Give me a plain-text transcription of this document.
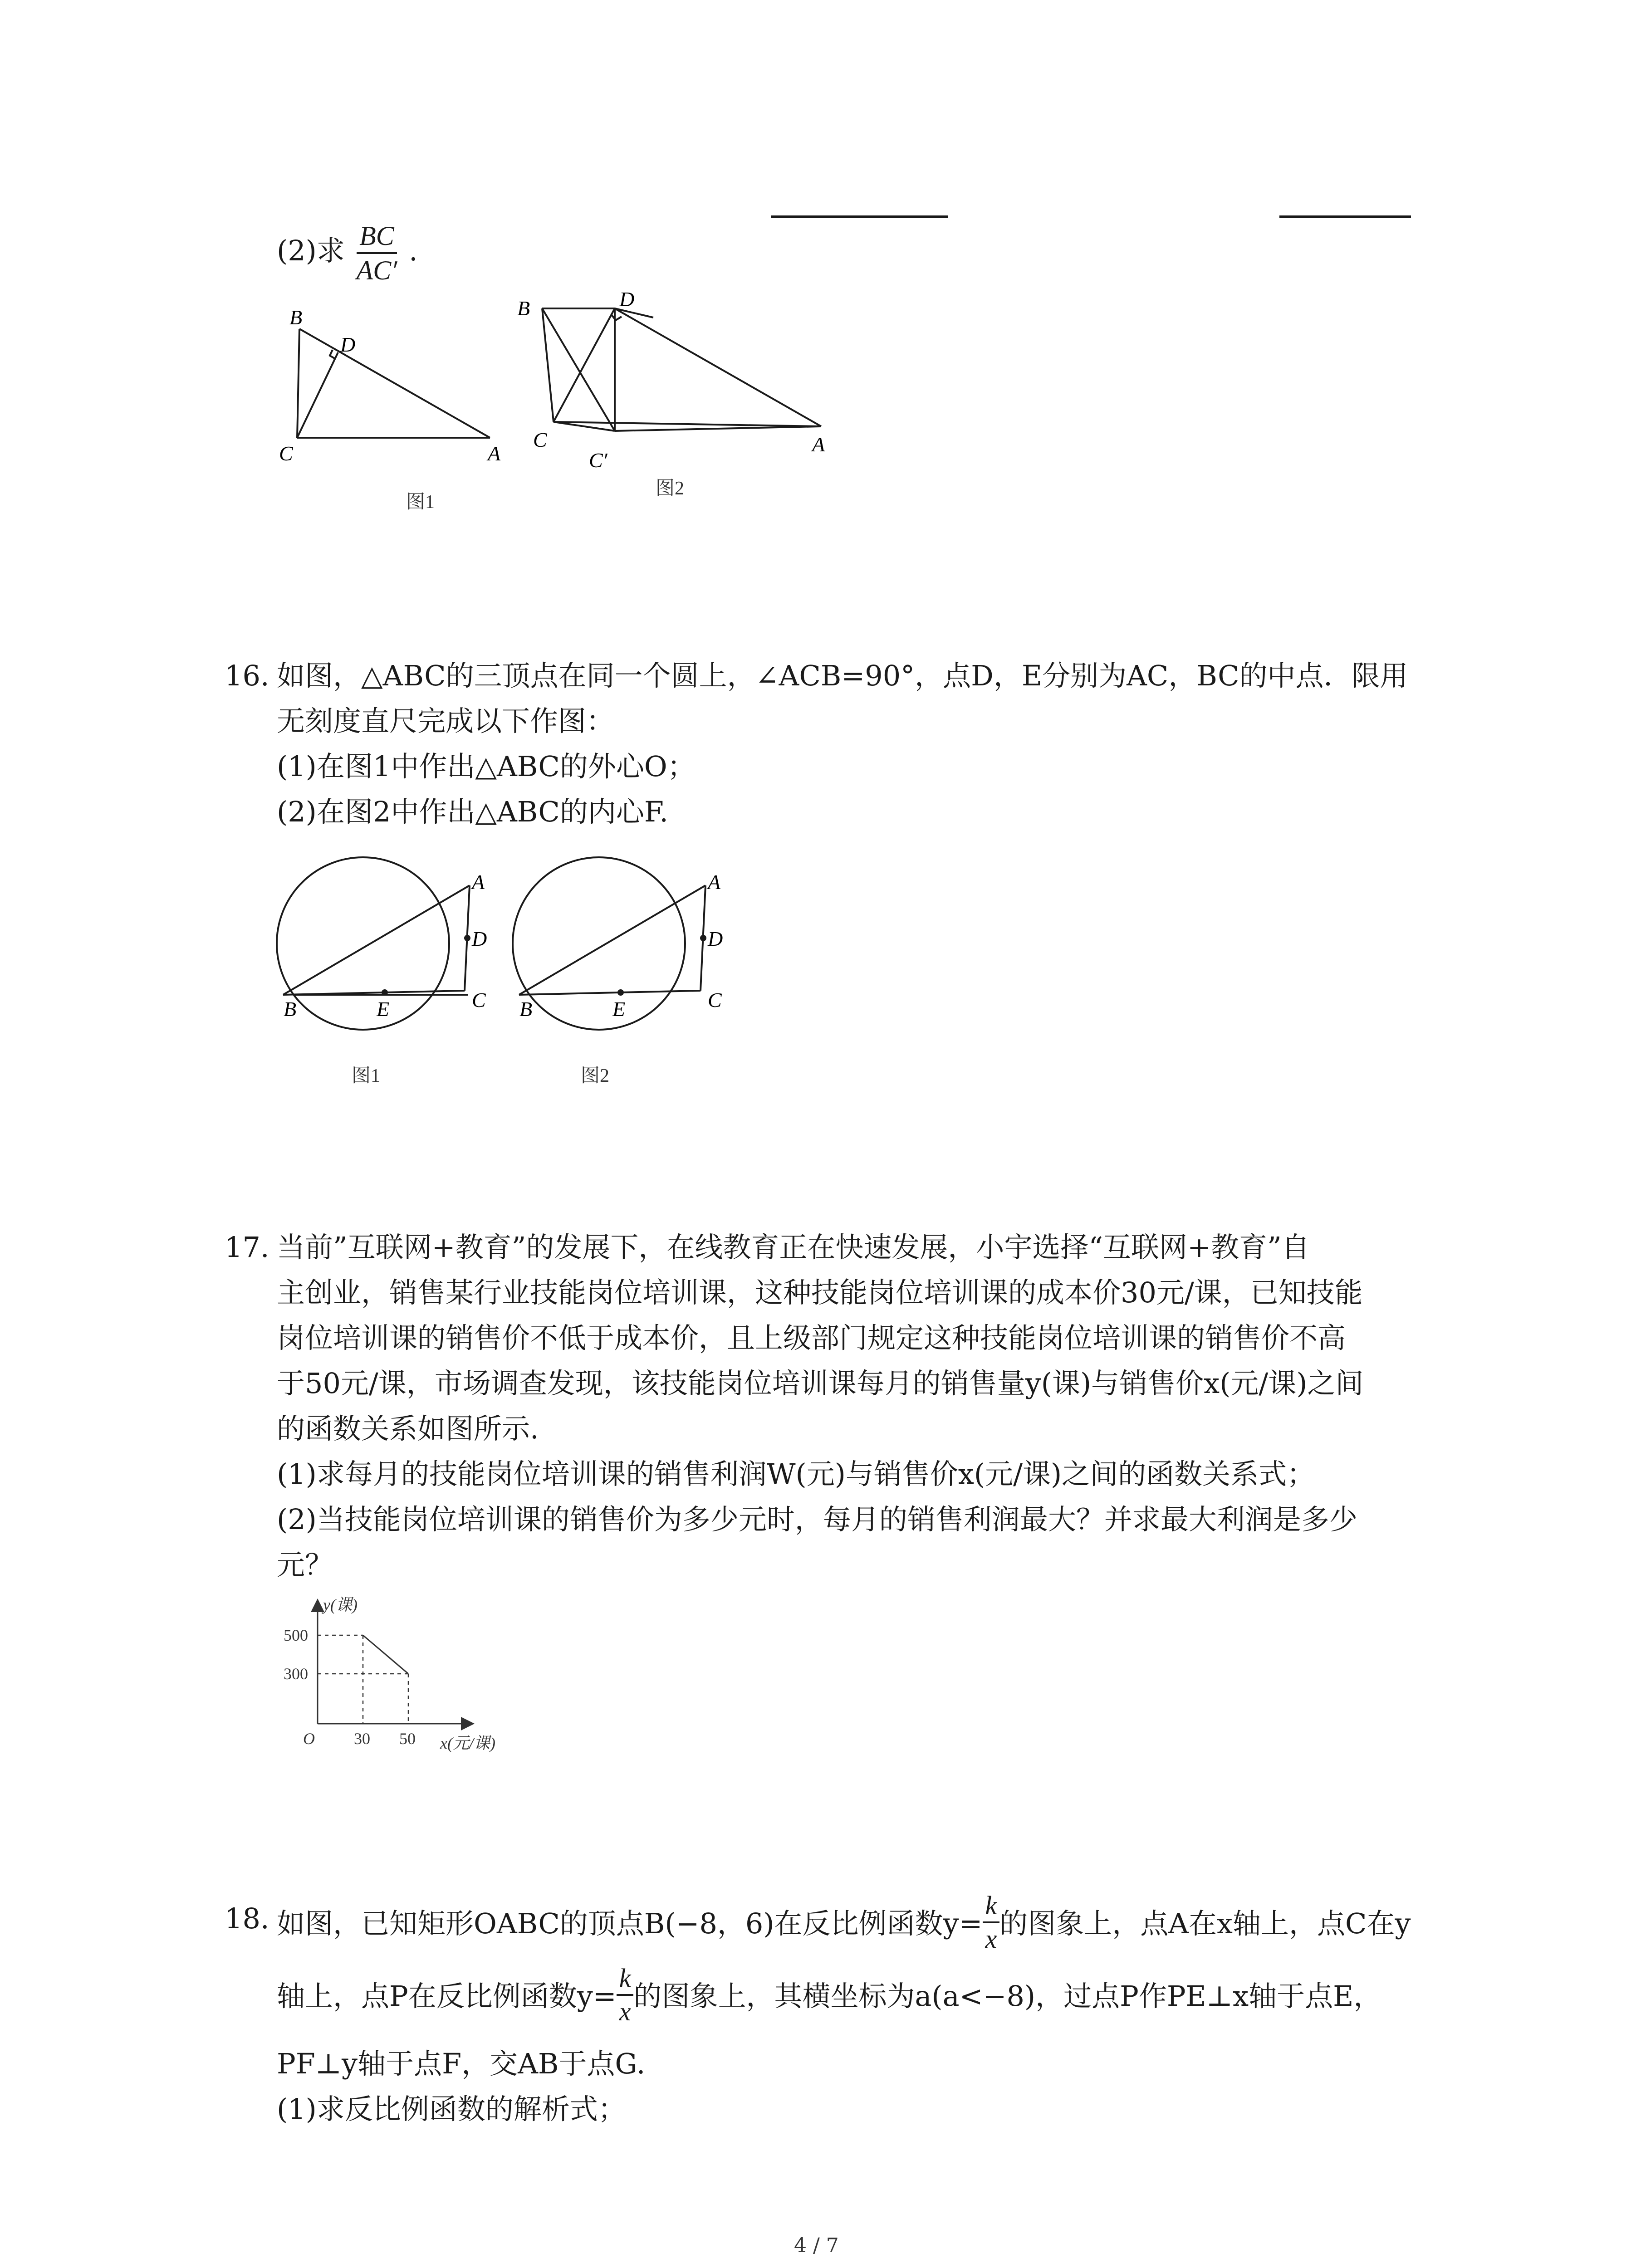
(2)求 $\frac{BC}{AC'}$ .
B
D
C	A
图1
B	D
C
C′
A
图2
16. 如图，△ABC的三顶点在同一个圆上，∠ACB=90°，点D，E分别为AC，BC的中点．限用
无刻度直尺完成以下作图：
(1)在图1中作出△ABC的外心O；
(2)在图2中作出△ABC的内心F.
A
D
C
B	E
图1
A
D
C
B	E
图2
17. 当前”互联网+教育”的发展下，在线教育正在快速发展，小宇选择“互联网+教育”自
主创业，销售某行业技能岗位培训课，这种技能岗位培训课的成本价30元/课，已知技能
岗位培训课的销售价不低于成本价，且上级部门规定这种技能岗位培训课的销售价不高
于50元/课，市场调查发现，该技能岗位培训课每月的销售量y(课)与销售价x(元/课)之间
的函数关系如图所示.
(1)求每月的技能岗位培训课的销售利润W(元)与销售价x(元/课)之间的函数关系式；
(2)当技能岗位培训课的销售价为多少元时，每月的销售利润最大？并求最大利润是多少
元？
y(课)
500
300
O 30 50 x(元/课)
18. 如图，已知矩形OABC的顶点B(−8，6)在反比例函数$y= \frac{k}{x}$ 的图象上，点A在x轴上，点C在y
轴上，点P在反比例函数$y= \frac{k}{x}$ 的图象上，其横坐标为a(a<−8)，过点P作PE⊥x轴于点E，
PF⊥y轴于点F，交AB于点G.
(1)求反比例函数的解析式；
4 / 7
